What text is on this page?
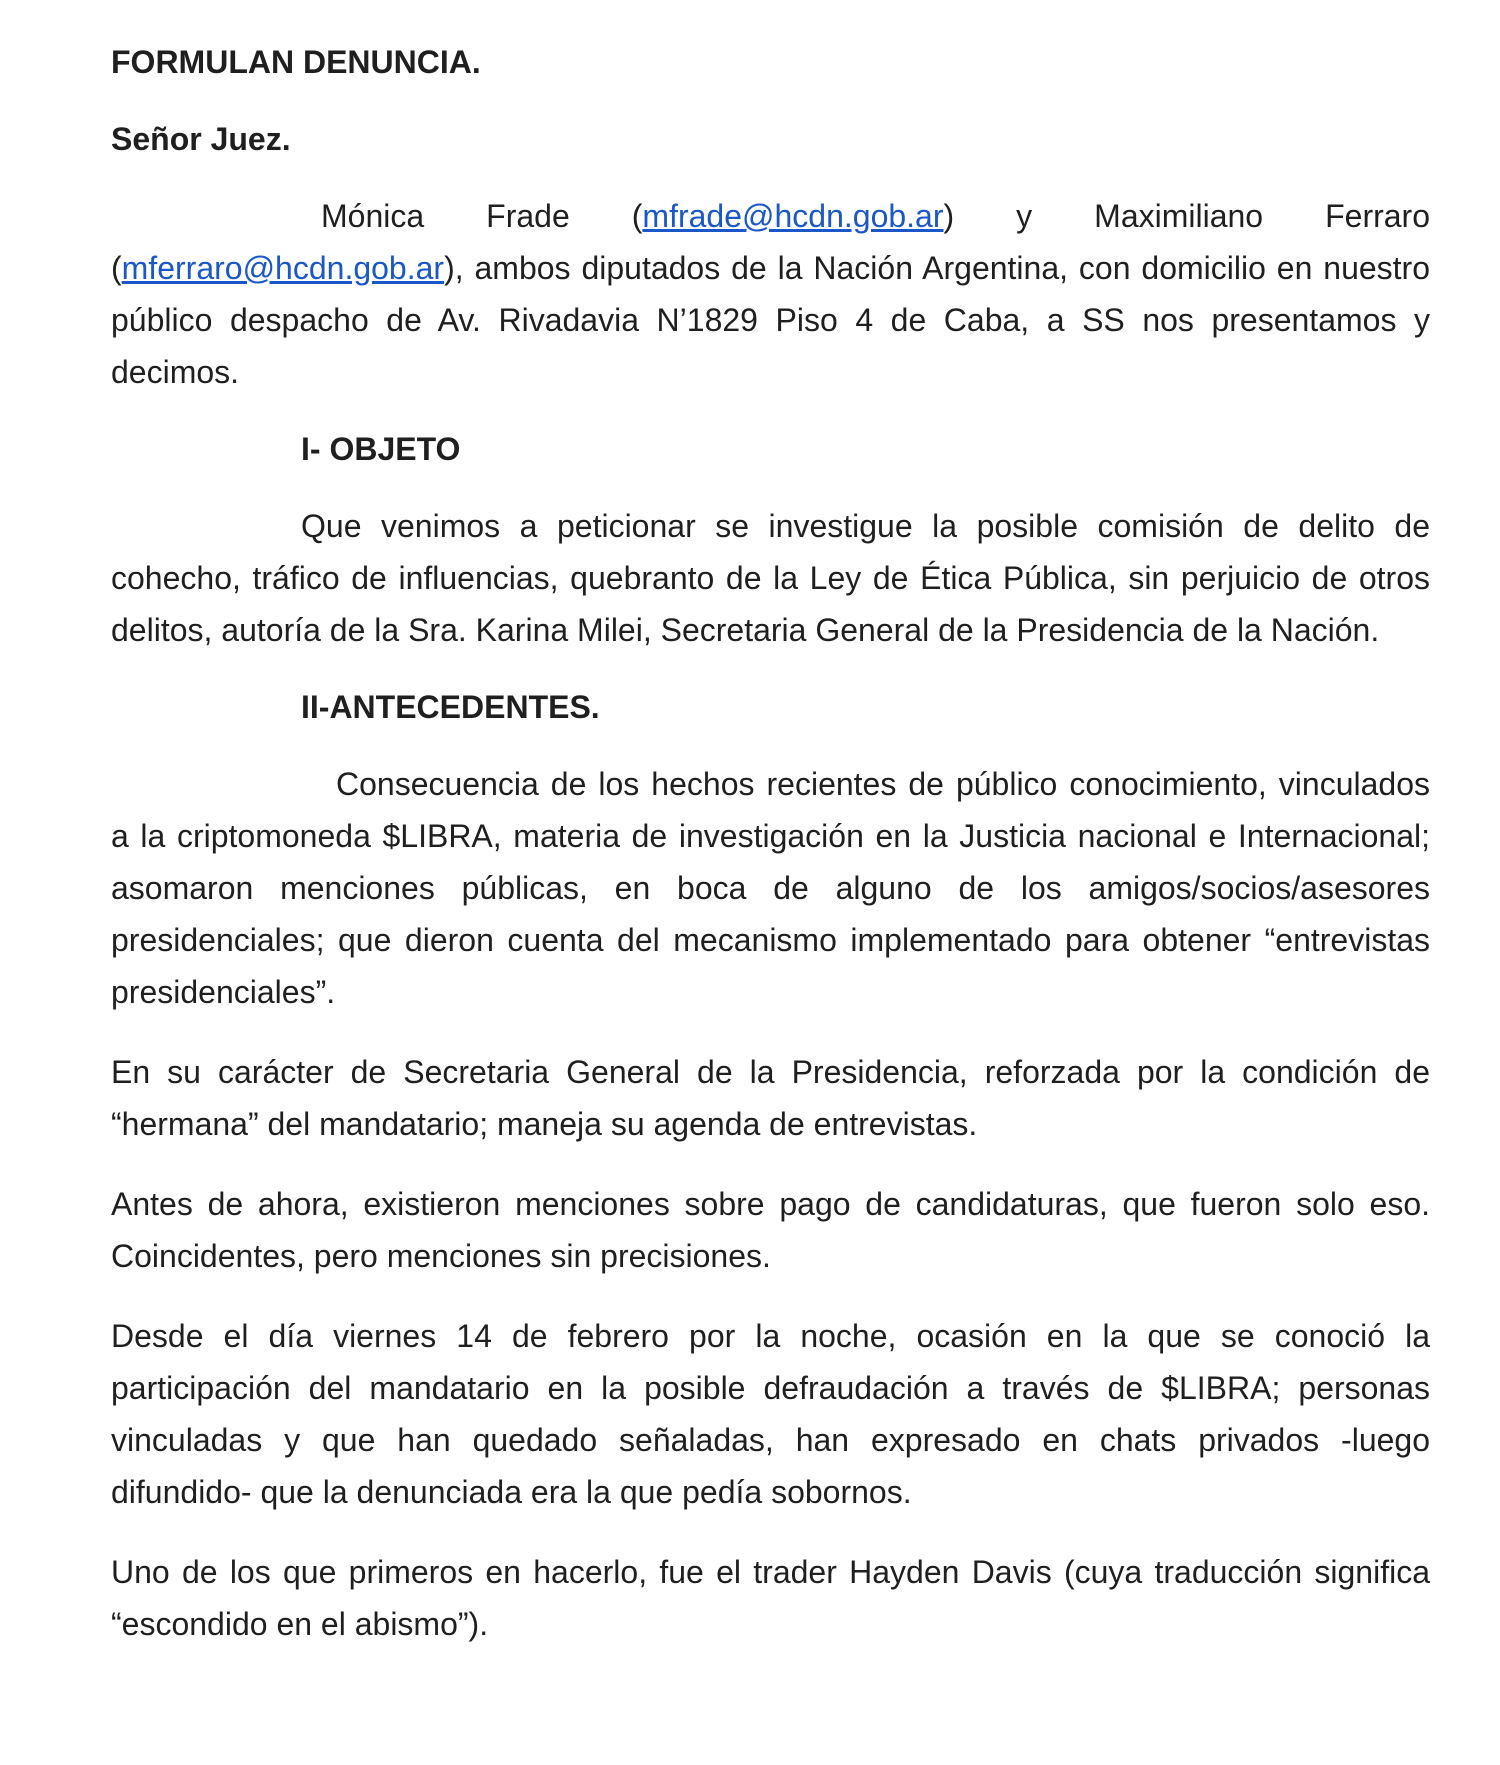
FORMULAN DENUNCIA.

Señor Juez.

Mónica Frade (mfrade@hcdn.gob.ar) y Maximiliano Ferraro (mferraro@hcdn.gob.ar), ambos diputados de la Nación Argentina, con domicilio en nuestro público despacho de Av. Rivadavia N’1829 Piso 4 de Caba, a SS nos presentamos y decimos.

I- OBJETO

Que venimos a peticionar se investigue la posible comisión de delito de cohecho, tráfico de influencias, quebranto de la Ley de Ética Pública, sin perjuicio de otros delitos, autoría de la Sra. Karina Milei, Secretaria General de la Presidencia de la Nación.

II-ANTECEDENTES.

Consecuencia de los hechos recientes de público conocimiento, vinculados a la criptomoneda $LIBRA, materia de investigación en la Justicia nacional e Internacional; asomaron menciones públicas, en boca de alguno de los amigos/socios/asesores presidenciales; que dieron cuenta del mecanismo implementado para obtener “entrevistas presidenciales”.

En su carácter de Secretaria General de la Presidencia, reforzada por la condición de “hermana” del mandatario; maneja su agenda de entrevistas.

Antes de ahora, existieron menciones sobre pago de candidaturas, que fueron solo eso. Coincidentes, pero menciones sin precisiones.

Desde el día viernes 14 de febrero por la noche, ocasión en la que se conoció la participación del mandatario en la posible defraudación a través de $LIBRA; personas vinculadas y que han quedado señaladas, han expresado en chats privados -luego difundido- que la denunciada era la que pedía sobornos.

Uno de los que primeros en hacerlo, fue el trader Hayden Davis (cuya traducción significa “escondido en el abismo”).
